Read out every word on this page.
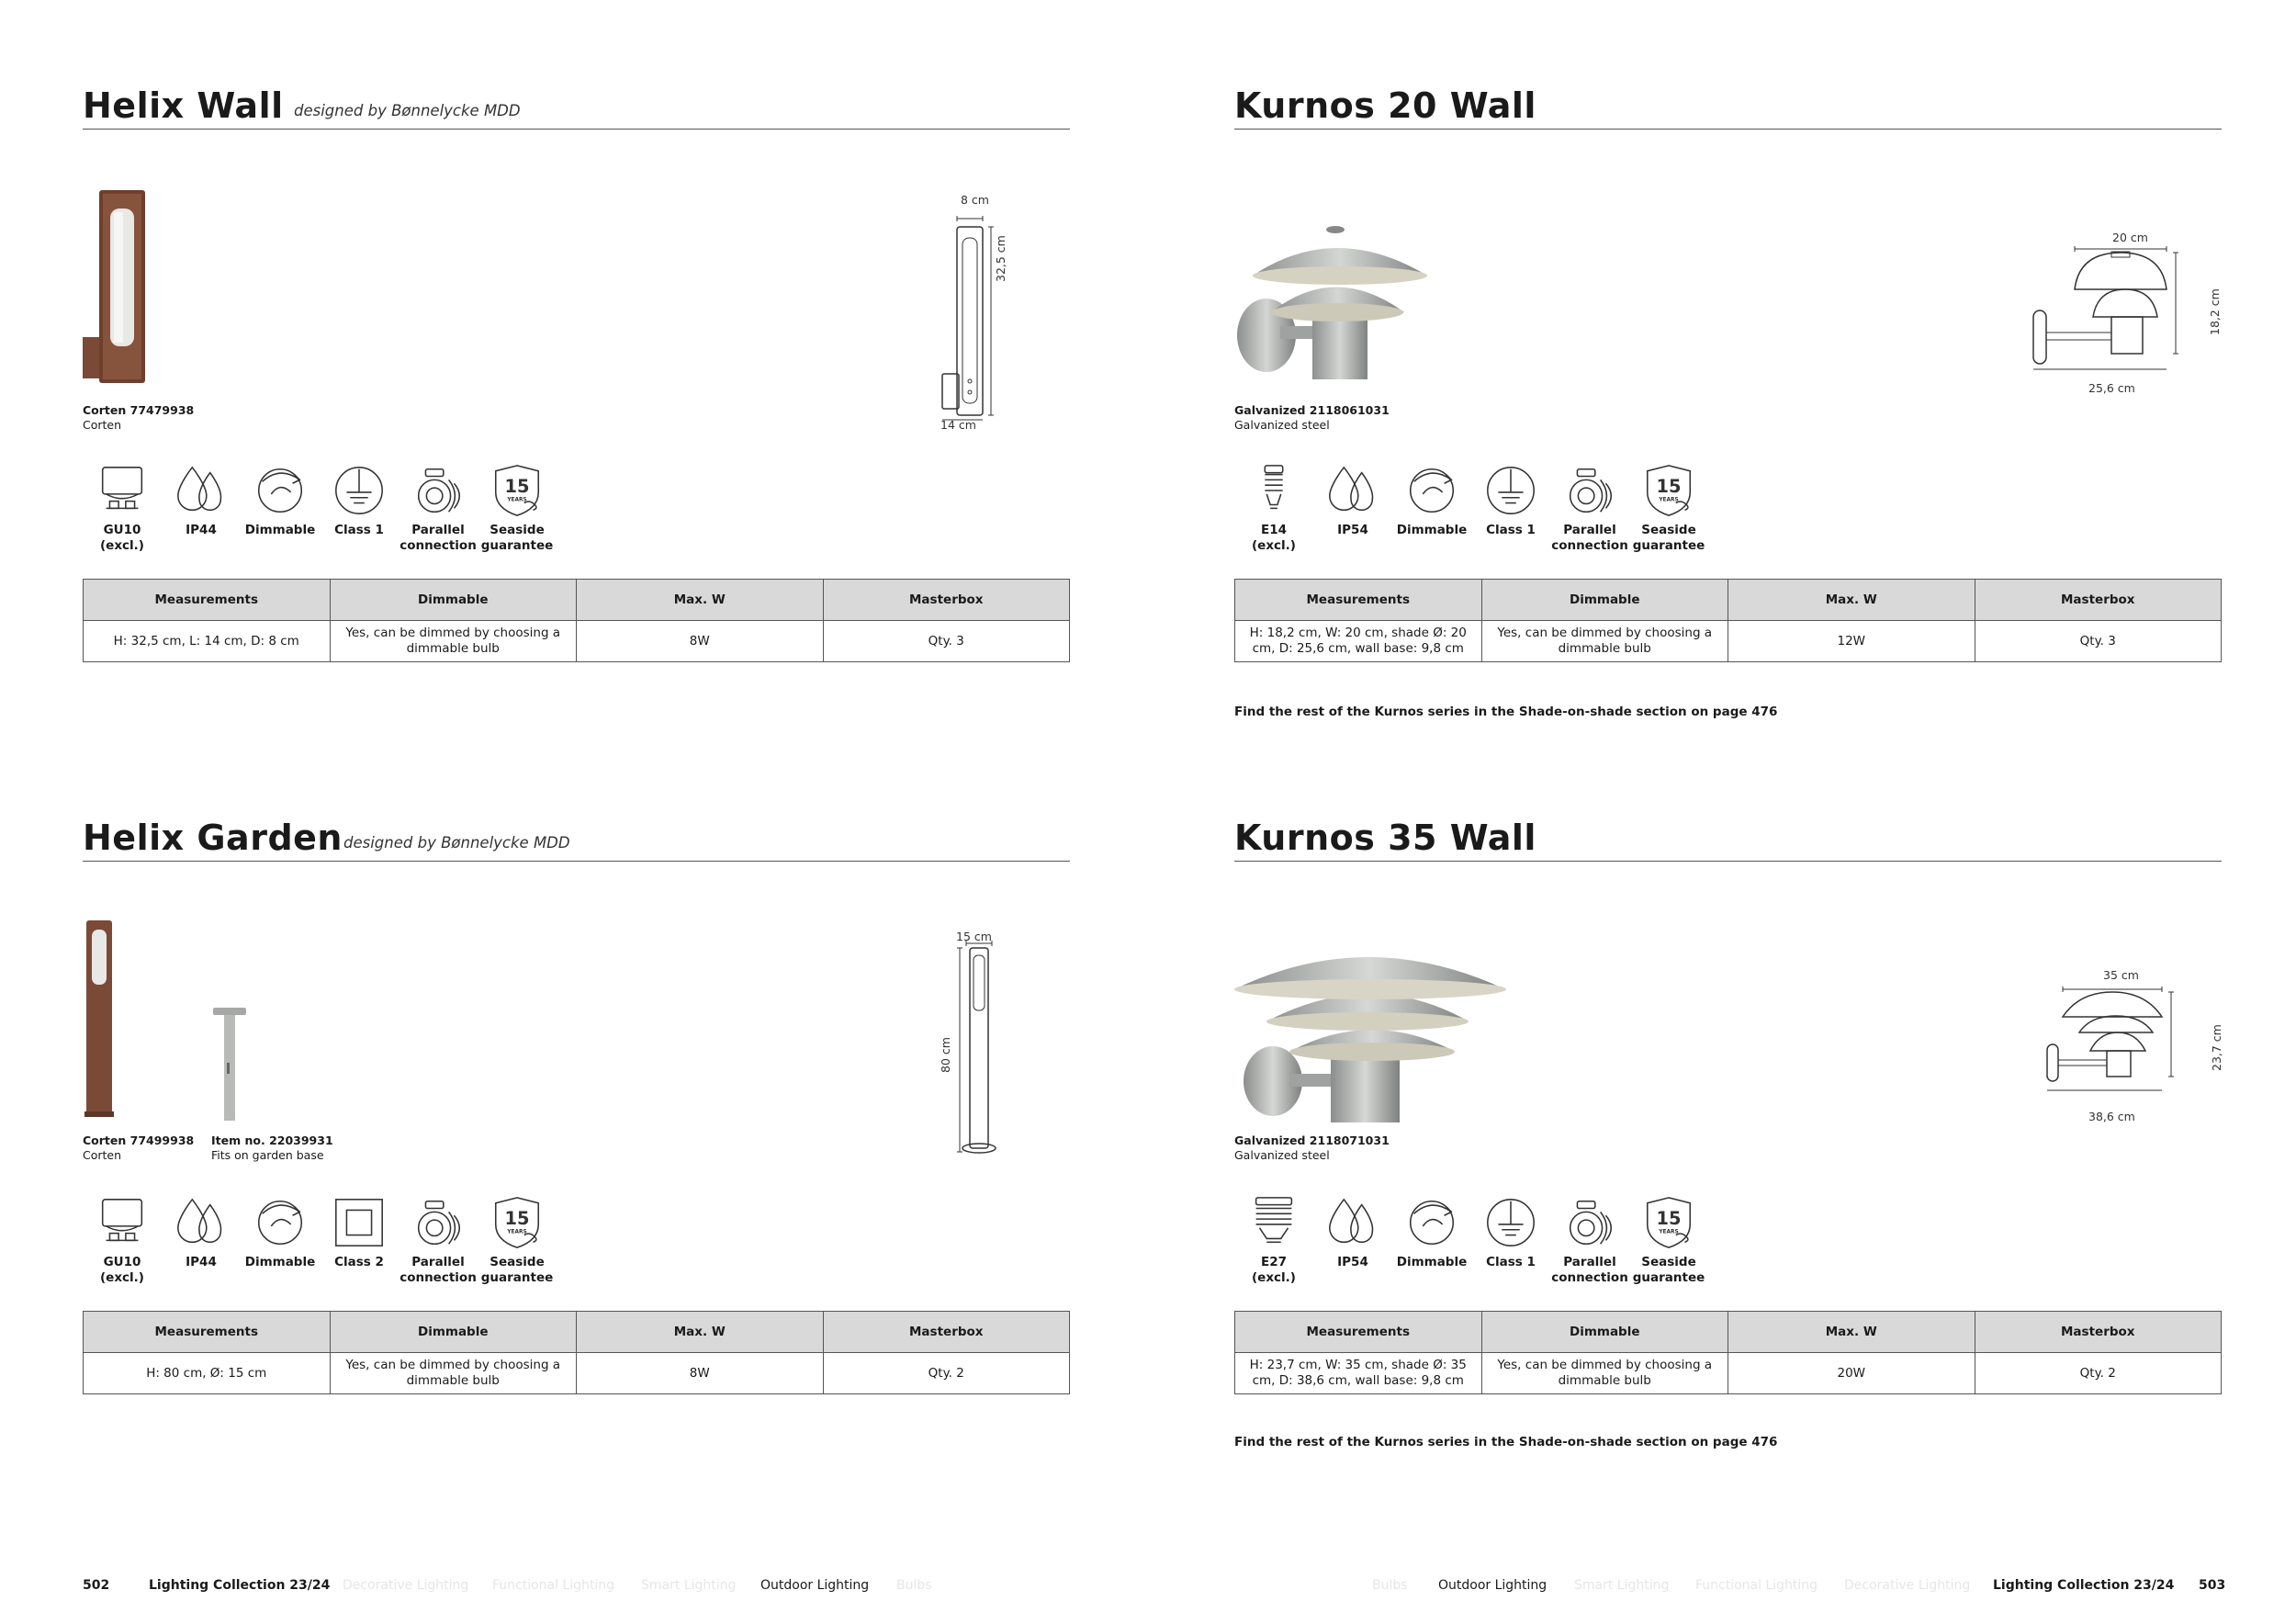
Helix Wall designed by Bønnelycke MDD
Corten 77479938
Corten
8 cm
32,5 cm
14 cm
GU10
(excl.)
IP44	Dimmable	Class 1	Parallel
connection
15
YEARS
Seaside
guarantee
Measurements	Dimmable	Max. W	Masterbox
H: 32,5 cm, L: 14 cm, D: 8 cm	Yes, can be dimmed by choosing a dimmable bulb	8W	Qty. 3
Kurnos 20 Wall
Galvanized 2118061031
Galvanized steel
20 cm
18,2 cm
25,6 cm
E14
(excl.)
IP54	Dimmable	Class 1	Parallel
connection
15
YEARS
Seaside
guarantee
Measurements	Dimmable	Max. W	Masterbox
H: 18,2 cm, W: 20 cm, shade Ø: 20 cm, D: 25,6 cm, wall base: 9,8 cm	Yes, can be dimmed by choosing a dimmable bulb	12W	Qty. 3
Find the rest of the Kurnos series in the Shade-on-shade section on page 476
Helix Garden designed by Bønnelycke MDD
Corten 77499938
Corten
Item no. 22039931
Fits on garden base
15 cm
80 cm
GU10
(excl.)
IP44	Dimmable	Class 2	Parallel
connection
15
YEARS
Seaside
guarantee
Measurements	Dimmable	Max. W	Masterbox
H: 80 cm, Ø: 15 cm	Yes, can be dimmed by choosing a dimmable bulb	8W	Qty. 2
Kurnos 35 Wall
Galvanized 2118071031
Galvanized steel
35 cm
23,7 cm
38,6 cm
E27
(excl.)
IP54	Dimmable	Class 1	Parallel
connection
15
YEARS
Seaside
guarantee
Measurements	Dimmable	Max. W	Masterbox
H: 23,7 cm, W: 35 cm, shade Ø: 35 cm, D: 38,6 cm, wall base: 9,8 cm	Yes, can be dimmed by choosing a dimmable bulb	20W	Qty. 2
Find the rest of the Kurnos series in the Shade-on-shade section on page 476
502	Lighting Collection 23/24 Decorative Lighting Functional Lighting Smart Lighting Outdoor Lighting Bulbs	Bulbs Outdoor Lighting Smart Lighting Functional Lighting Decorative Lighting Lighting Collection 23/24 503
